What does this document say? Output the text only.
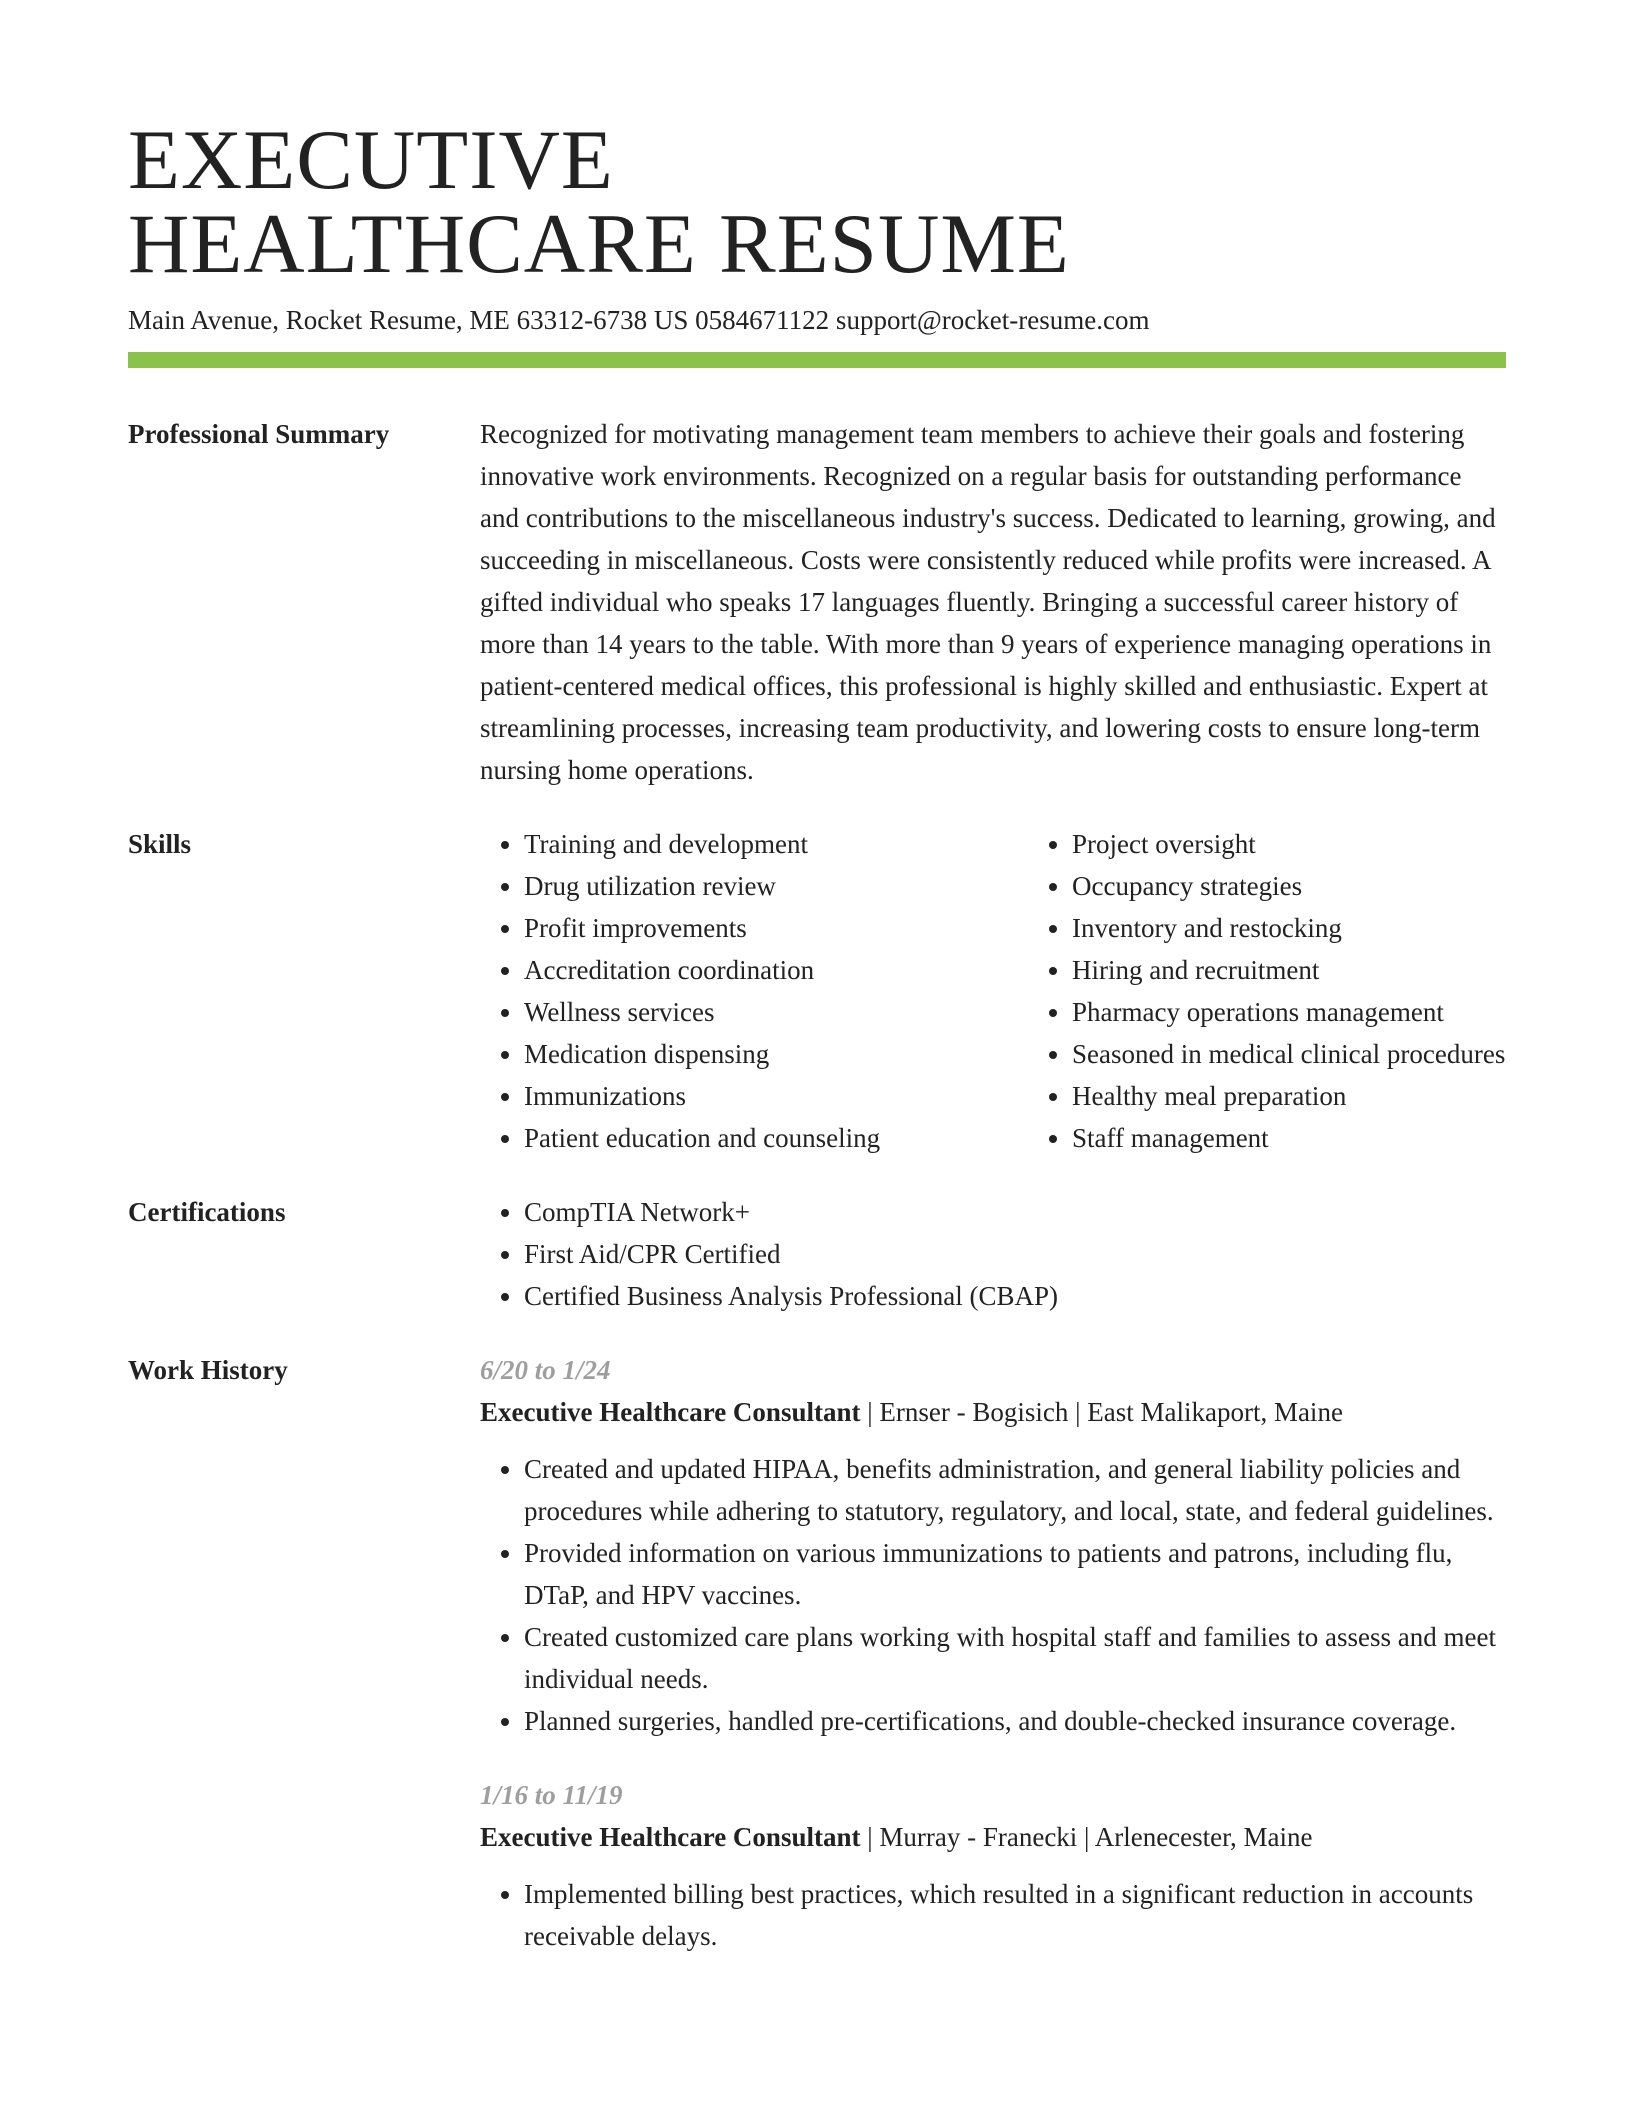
EXECUTIVE
HEALTHCARE RESUME
Main Avenue, Rocket Resume, ME 63312-6738 US 0584671122 support@rocket-resume.com
Professional Summary	Recognized for motivating management team members to achieve their goals and fostering innovative work environments. Recognized on a regular basis for outstanding performance and contributions to the miscellaneous industry's success. Dedicated to learning, growing, and succeeding in miscellaneous. Costs were consistently reduced while profits were increased. A gifted individual who speaks 17 languages fluently. Bringing a successful career history of more than 14 years to the table. With more than 9 years of experience managing operations in patient-centered medical offices, this professional is highly skilled and enthusiastic. Expert at streamlining processes, increasing team productivity, and lowering costs to ensure long-term nursing home operations.
Skills	• Training and development
• Drug utilization review
• Profit improvements
• Accreditation coordination
• Wellness services
• Medication dispensing
• Immunizations
• Patient education and counseling
• Project oversight
• Occupancy strategies
• Inventory and restocking
• Hiring and recruitment
• Pharmacy operations management
• Seasoned in medical clinical procedures
• Healthy meal preparation
• Staff management
Certifications	• CompTIA Network+
• First Aid/CPR Certified
• Certified Business Analysis Professional (CBAP)
Work History	6/20 to 1/24
Executive Healthcare Consultant | Ernser - Bogisich | East Malikaport, Maine
• Created and updated HIPAA, benefits administration, and general liability policies and procedures while adhering to statutory, regulatory, and local, state, and federal guidelines.
• Provided information on various immunizations to patients and patrons, including flu, DTaP, and HPV vaccines.
• Created customized care plans working with hospital staff and families to assess and meet individual needs.
• Planned surgeries, handled pre-certifications, and double-checked insurance coverage.
1/16 to 11/19
Executive Healthcare Consultant | Murray - Franecki | Arlenecester, Maine
• Implemented billing best practices, which resulted in a significant reduction in accounts receivable delays.
